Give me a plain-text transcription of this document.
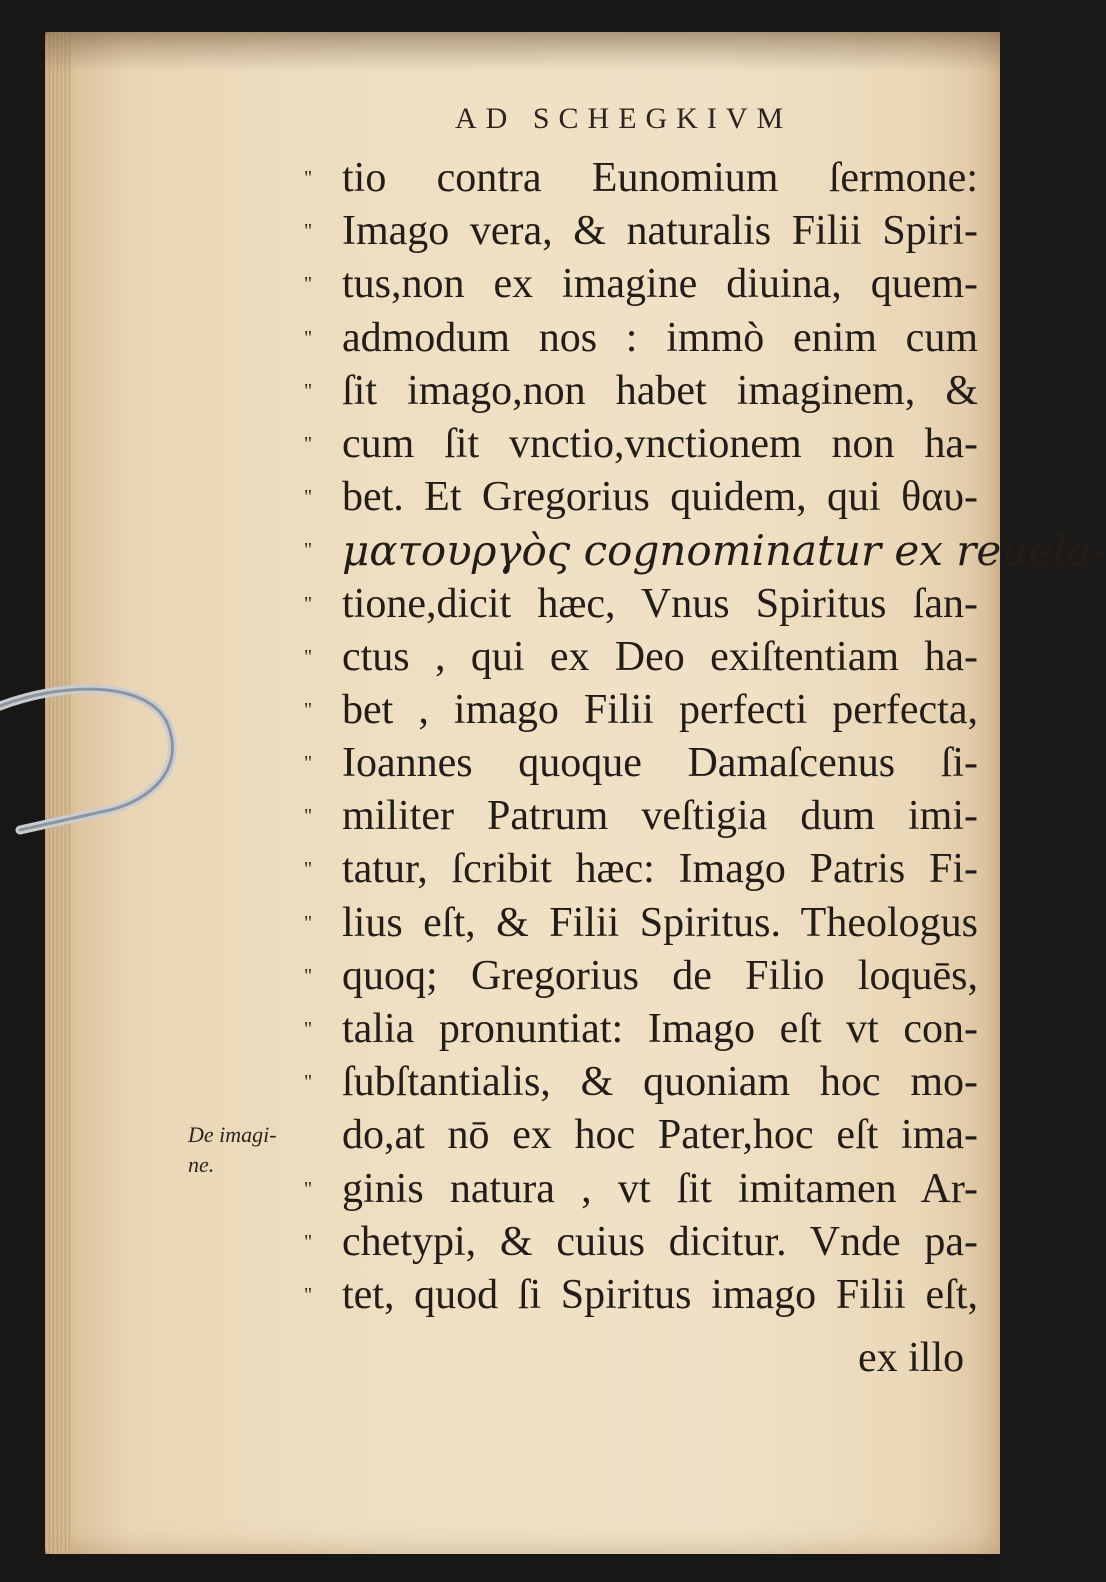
AD SCHEGKIVM
" tio contra Eunomium ſermone:
" Imago vera, & naturalis Filii Spiri-
" tus,non ex imagine diuina, quem-
" admodum nos : immò enim cum
" ſit imago,non habet imaginem, &
" cum ſit vnctio,vnctionem non ha-
" bet. Et Gregorius quidem, qui θαυ-
" ματουργὸς cognominatur ex reuela-
" tione,dicit hæc, Vnus Spiritus ſan-
" ctus , qui ex Deo exiſtentiam ha-
" bet , imago Filii perfecti perfecta,
" Ioannes quoque Damaſcenus ſi-
" militer Patrum veſtigia dum imi-
" tatur, ſcribit hæc: Imago Patris Fi-
" lius eſt, & Filii Spiritus. Theologus
" quoq; Gregorius de Filio loquēs,
" talia pronuntiat: Imago eſt vt con-
" ſubſtantialis, & quoniam hoc mo-
do,at nō ex hoc Pater,hoc eſt ima-
" ginis natura , vt ſit imitamen Ar-
" chetypi, & cuius dicitur. Vnde pa-
" tet, quod ſi Spiritus imago Filii eſt,
De imagi-ne.
ex illo
